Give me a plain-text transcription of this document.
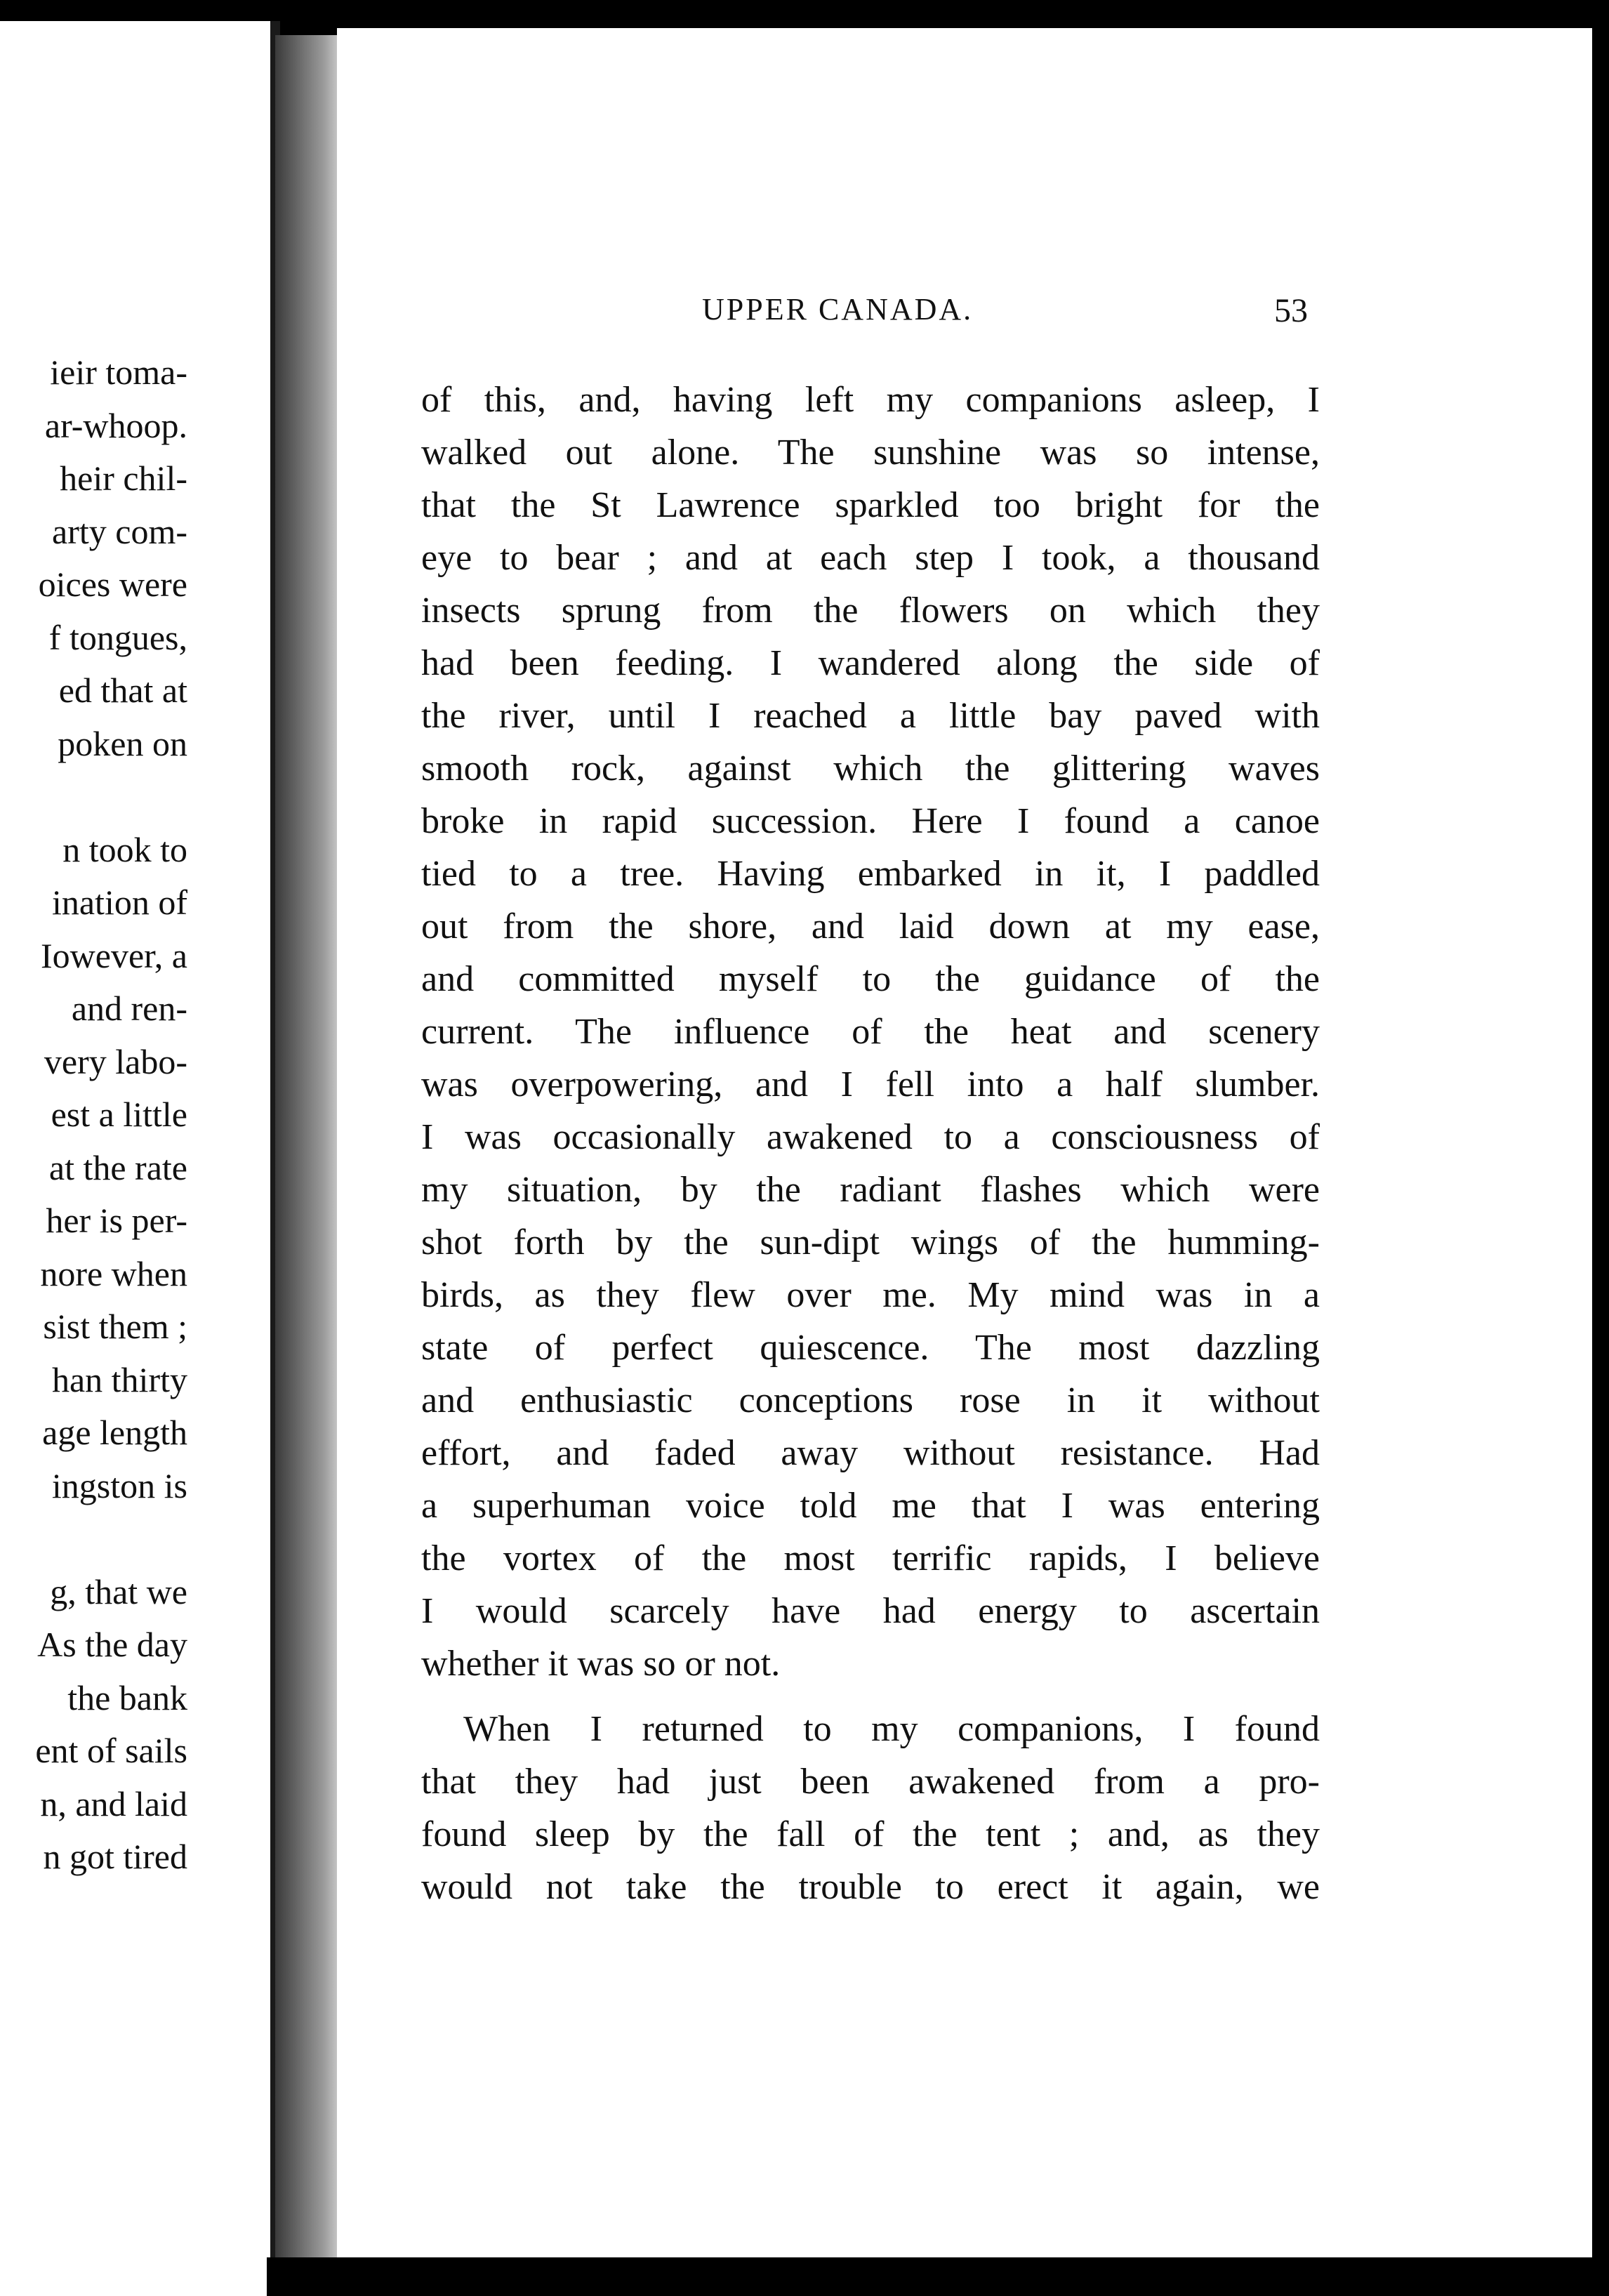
ieir toma-
ar-whoop.
heir chil-
arty com-
oices were
f tongues,
ed that at
poken on
n took to
ination of
Iowever, a
and ren-
very labo-
est a little
at the rate
her is per-
nore when
sist them ;
han thirty
age length
ingston is
g, that we
As the day
the bank
ent of sails
n, and laid
n got tired
UPPER CANADA.	53
of this, and, having left my companions asleep, I
walked out alone. The sunshine was so intense,
that the St Lawrence sparkled too bright for the
eye to bear ; and at each step I took, a thousand
insects sprung from the flowers on which they
had been feeding. I wandered along the side of
the river, until I reached a little bay paved with
smooth rock, against which the glittering waves
broke in rapid succession. Here I found a canoe
tied to a tree. Having embarked in it, I paddled
out from the shore, and laid down at my ease,
and committed myself to the guidance of the
current. The influence of the heat and scenery
was overpowering, and I fell into a half slumber.
I was occasionally awakened to a consciousness of
my situation, by the radiant flashes which were
shot forth by the sun-dipt wings of the humming-
birds, as they flew over me. My mind was in a
state of perfect quiescence. The most dazzling
and enthusiastic conceptions rose in it without
effort, and faded away without resistance. Had
a superhuman voice told me that I was entering
the vortex of the most terrific rapids, I believe
I would scarcely have had energy to ascertain
whether it was so or not.
When I returned to my companions, I found
that they had just been awakened from a pro-
found sleep by the fall of the tent ; and, as they
would not take the trouble to erect it again, we
